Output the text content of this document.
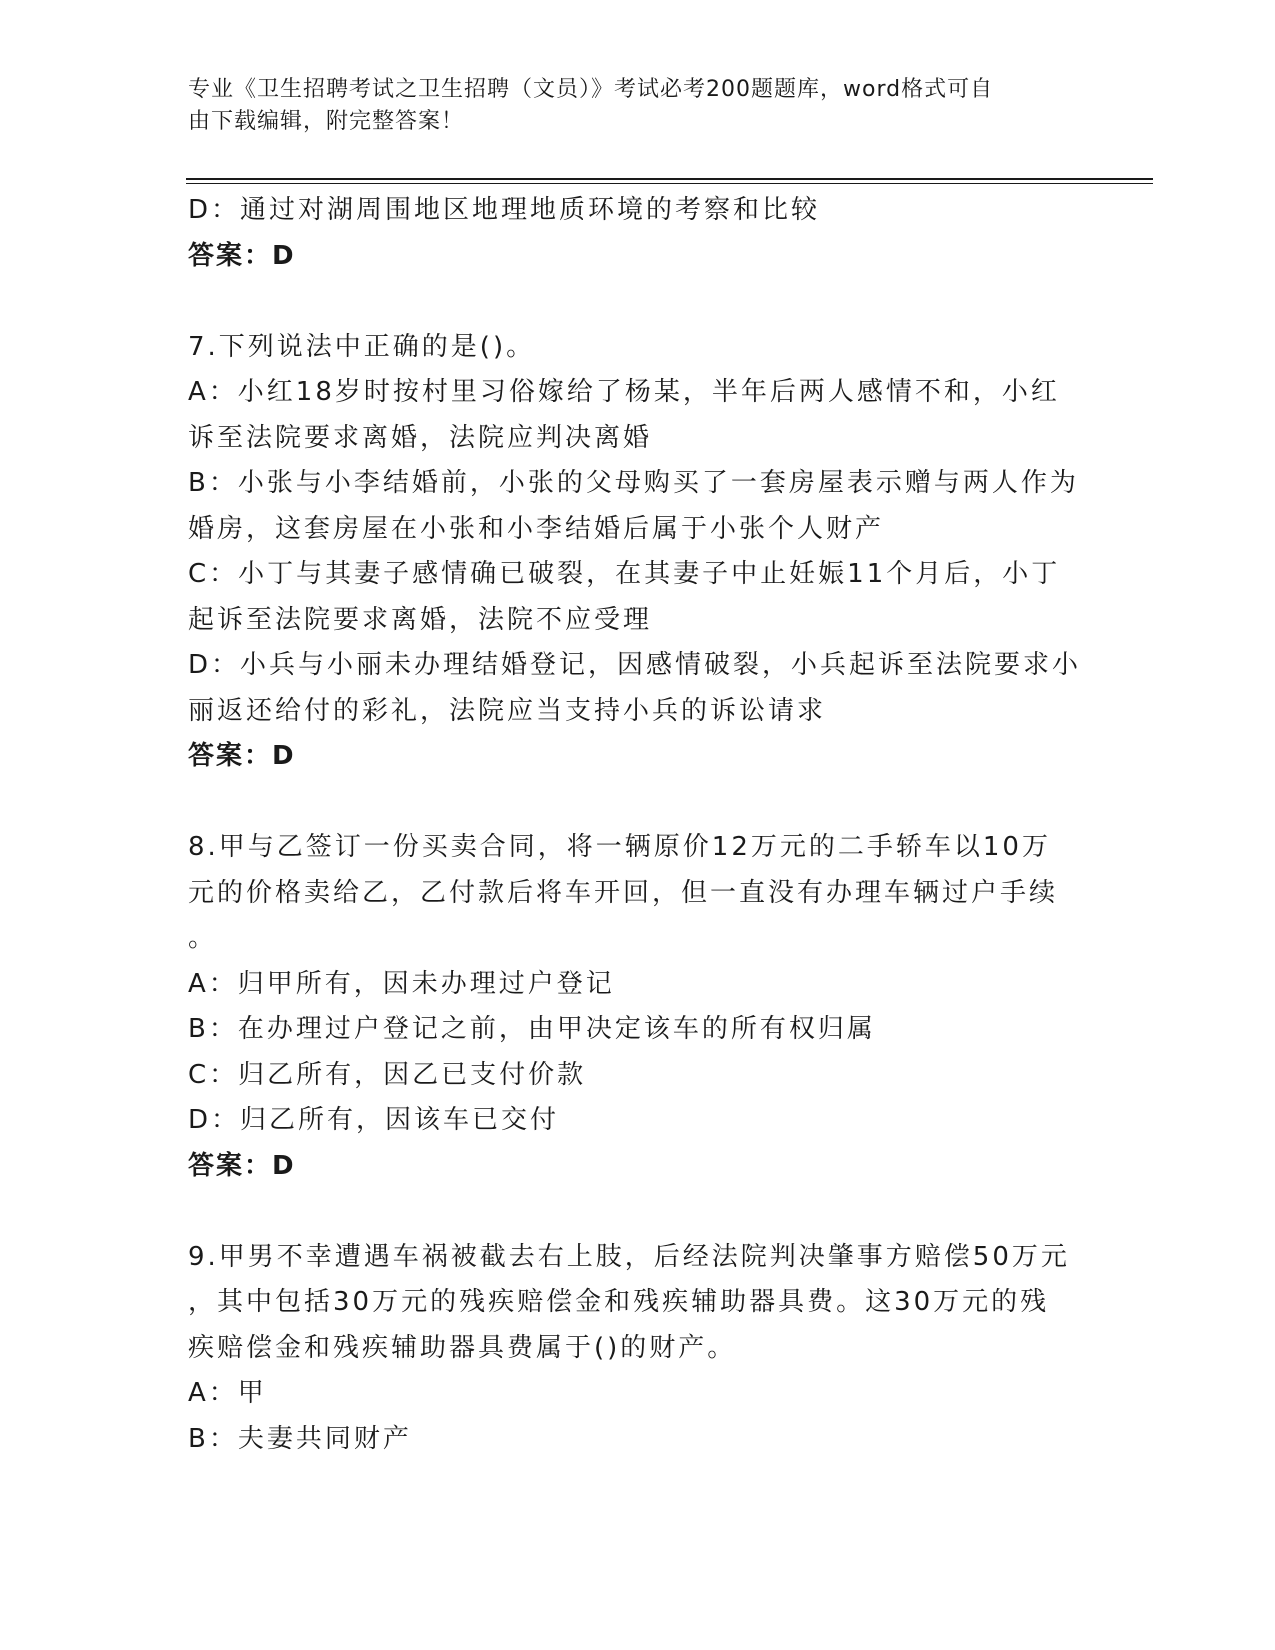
专业《卫生招聘考试之卫生招聘（文员）》考试必考200题题库，word格式可自
由下载编辑，附完整答案！
D：通过对湖周围地区地理地质环境的考察和比较
答案：D
7.下列说法中正确的是()。
A：小红18岁时按村里习俗嫁给了杨某，半年后两人感情不和，小红
诉至法院要求离婚，法院应判决离婚
B：小张与小李结婚前，小张的父母购买了一套房屋表示赠与两人作为
婚房，这套房屋在小张和小李结婚后属于小张个人财产
C：小丁与其妻子感情确已破裂，在其妻子中止妊娠11个月后，小丁
起诉至法院要求离婚，法院不应受理
D：小兵与小丽未办理结婚登记，因感情破裂，小兵起诉至法院要求小
丽返还给付的彩礼，法院应当支持小兵的诉讼请求
答案：D
8.甲与乙签订一份买卖合同，将一辆原价12万元的二手轿车以10万
元的价格卖给乙，乙付款后将车开回，但一直没有办理车辆过户手续
。
A：归甲所有，因未办理过户登记
B：在办理过户登记之前，由甲决定该车的所有权归属
C：归乙所有，因乙已支付价款
D：归乙所有，因该车已交付
答案：D
9.甲男不幸遭遇车祸被截去右上肢，后经法院判决肇事方赔偿50万元
，其中包括30万元的残疾赔偿金和残疾辅助器具费。这30万元的残
疾赔偿金和残疾辅助器具费属于()的财产。
A：甲
B：夫妻共同财产
